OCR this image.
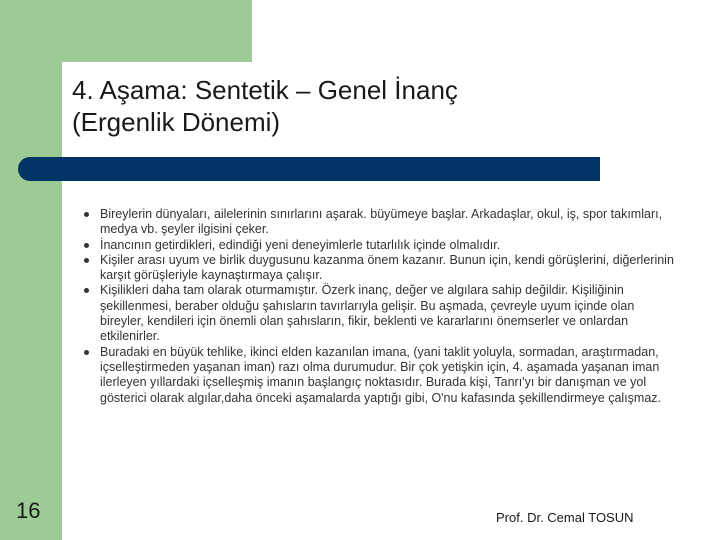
4. Aşama: Sentetik – Genel İnanç
(Ergenlik Dönemi)
Bireylerin dünyaları, ailelerinin sınırlarını aşarak. büyümeye başlar. Arkadaşlar, okul, iş, spor takımları, medya vb. şeyler ilgisini çeker.
İnancının getirdikleri, edindiği yeni deneyimlerle tutarlılık içinde olmalıdır.
Kişiler arası uyum ve birlik duygusunu kazanma önem kazanır. Bunun için, kendi görüşlerini, diğerlerinin karşıt görüşleriyle kaynaştırmaya çalışır.
Kişilikleri daha tam olarak oturmamıştır. Özerk inanç, değer ve algılara sahip değildir. Kişiliğinin şekillenmesi, beraber olduğu şahısların tavırlarıyla gelişir. Bu aşmada, çevreyle uyum içinde olan bireyler, kendileri için önemli olan şahısların, fikir, beklenti ve kararlarını önemserler ve onlardan etkilenirler.
Buradaki en büyük tehlike, ikinci elden kazanılan imana, (yani taklit yoluyla, sormadan, araştırmadan, içselleştirmeden yaşanan iman) razı olma durumudur. Bir çok yetişkin için, 4. aşamada yaşanan iman ilerleyen yıllardaki içselleşmiş imanın başlangıç noktasıdır. Burada kişi, Tanrı'yı bir danışman ve yol gösterici olarak algılar,daha önceki aşamalarda yaptığı gibi, O'nu kafasında şekillendirmeye çalışmaz.
16	Prof. Dr. Cemal TOSUN
